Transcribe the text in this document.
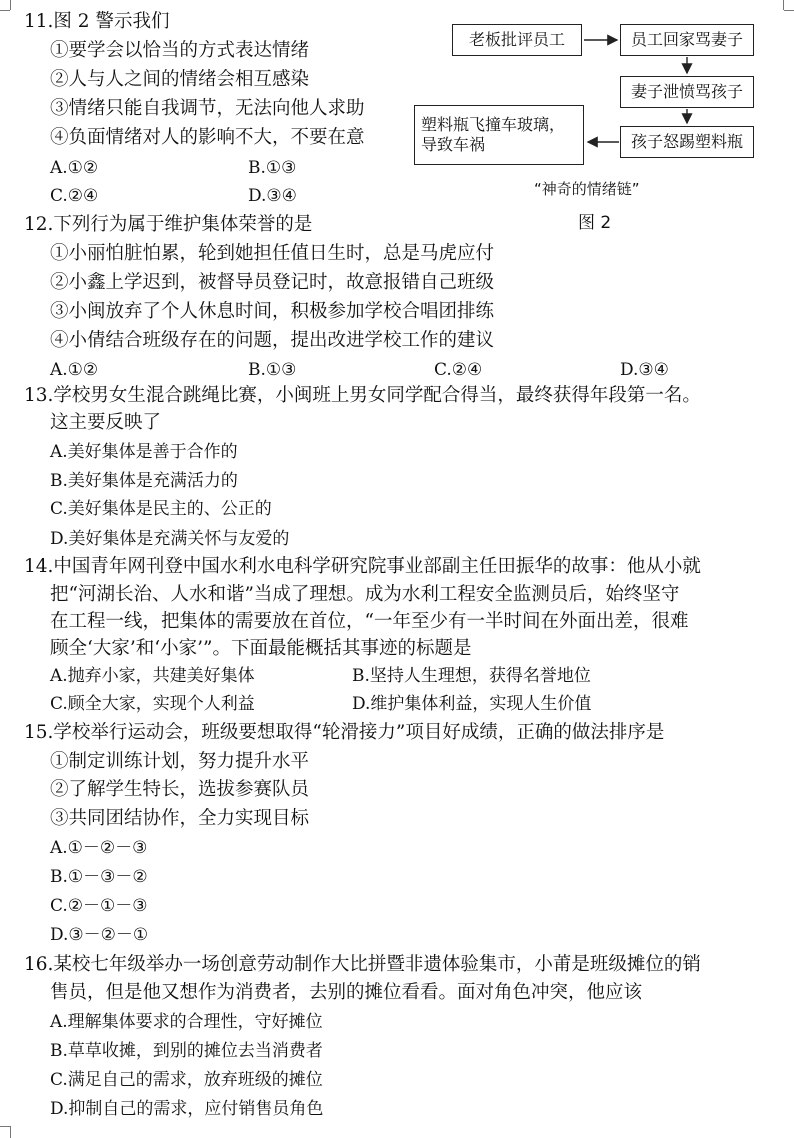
11.图 2 警示我们
①要学会以恰当的方式表达情绪
②人与人之间的情绪会相互感染
③情绪只能自我调节，无法向他人求助
④负面情绪对人的影响不大，不要在意
A.①②	B.①③
C.②④	D.③④
老板批评员工	员工回家骂妻子
妻子泄愤骂孩子
孩子怒踢塑料瓶
塑料瓶飞撞车玻璃，导致车祸
“神奇的情绪链”
图 2
12.下列行为属于维护集体荣誉的是
①小丽怕脏怕累，轮到她担任值日生时，总是马虎应付
②小鑫上学迟到，被督导员登记时，故意报错自己班级
③小闽放弃了个人休息时间，积极参加学校合唱团排练
④小倩结合班级存在的问题，提出改进学校工作的建议
A.①②	B.①③	C.②④	D.③④
13.学校男女生混合跳绳比赛，小闽班上男女同学配合得当，最终获得年段第一名。
这主要反映了
A.美好集体是善于合作的
B.美好集体是充满活力的
C.美好集体是民主的、公正的
D.美好集体是充满关怀与友爱的
14.中国青年网刊登中国水利水电科学研究院事业部副主任田振华的故事：他从小就
把“河湖长治、人水和谐”当成了理想。成为水利工程安全监测员后，始终坚守
在工程一线，把集体的需要放在首位，“一年至少有一半时间在外面出差，很难
顾全‘大家’和‘小家’”。下面最能概括其事迹的标题是
A.抛弃小家，共建美好集体	B.坚持人生理想，获得名誉地位
C.顾全大家，实现个人利益	D.维护集体利益，实现人生价值
15.学校举行运动会，班级要想取得“轮滑接力”项目好成绩，正确的做法排序是
①制定训练计划，努力提升水平
②了解学生特长，选拔参赛队员
③共同团结协作，全力实现目标
A.①－②－③
B.①－③－②
C.②－①－③
D.③－②－①
16.某校七年级举办一场创意劳动制作大比拼暨非遗体验集市，小莆是班级摊位的销
售员，但是他又想作为消费者，去别的摊位看看。面对角色冲突，他应该
A.理解集体要求的合理性，守好摊位
B.草草收摊，到别的摊位去当消费者
C.满足自己的需求，放弃班级的摊位
D.抑制自己的需求，应付销售员角色
